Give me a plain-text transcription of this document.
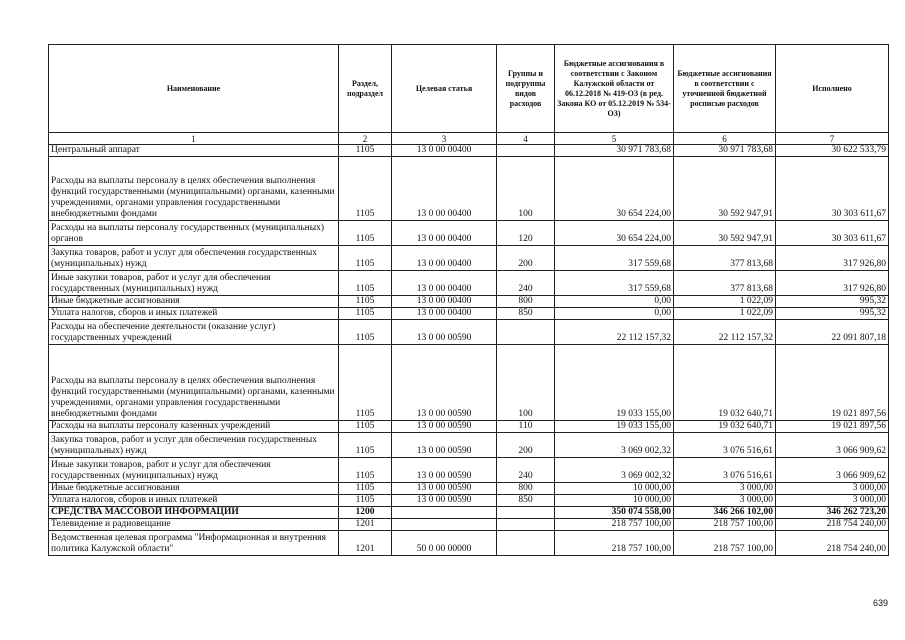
Наименование	Раздел, подраздел	Целевая статья	Группы и подгруппы видов расходов	Бюджетные ассигнования в соответствии с Законом Калужской области от 06.12.2018 № 419-ОЗ (в ред. Закона КО от 05.12.2019 № 534-ОЗ)	Бюджетные ассигнования в соответствии с уточненной бюджетной росписью расходов	Исполнено
1	2	3	4	5	6	7
Центральный аппарат	1105	13 0 00 00400		30 971 783,68	30 971 783,68	30 622 533,79
Расходы на выплаты персоналу в целях обеспечения выполнения функций государственными (муниципальными) органами, казенными учреждениями, органами управления государственными внебюджетными фондами	1105	13 0 00 00400	100	30 654 224,00	30 592 947,91	30 303 611,67
Расходы на выплаты персоналу государственных (муниципальных) органов	1105	13 0 00 00400	120	30 654 224,00	30 592 947,91	30 303 611,67
Закупка товаров, работ и услуг для обеспечения государственных (муниципальных) нужд	1105	13 0 00 00400	200	317 559,68	377 813,68	317 926,80
Иные закупки товаров, работ и услуг для обеспечения государственных (муниципальных) нужд	1105	13 0 00 00400	240	317 559,68	377 813,68	317 926,80
Иные бюджетные ассигнования	1105	13 0 00 00400	800	0,00	1 022,09	995,32
Уплата налогов, сборов и иных платежей	1105	13 0 00 00400	850	0,00	1 022,09	995,32
Расходы на обеспечение деятельности (оказание услуг) государственных учреждений	1105	13 0 00 00590		22 112 157,32	22 112 157,32	22 091 807,18
Расходы на выплаты персоналу в целях обеспечения выполнения функций государственными (муниципальными) органами, казенными учреждениями, органами управления государственными внебюджетными фондами	1105	13 0 00 00590	100	19 033 155,00	19 032 640,71	19 021 897,56
Расходы на выплаты персоналу казенных учреждений	1105	13 0 00 00590	110	19 033 155,00	19 032 640,71	19 021 897,56
Закупка товаров, работ и услуг для обеспечения государственных (муниципальных) нужд	1105	13 0 00 00590	200	3 069 002,32	3 076 516,61	3 066 909,62
Иные закупки товаров, работ и услуг для обеспечения государственных (муниципальных) нужд	1105	13 0 00 00590	240	3 069 002,32	3 076 516,61	3 066 909,62
Иные бюджетные ассигнования	1105	13 0 00 00590	800	10 000,00	3 000,00	3 000,00
Уплата налогов, сборов и иных платежей	1105	13 0 00 00590	850	10 000,00	3 000,00	3 000,00
СРЕДСТВА МАССОВОЙ ИНФОРМАЦИИ	1200			350 074 558,00	346 266 102,00	346 262 723,20
Телевидение и радиовещание	1201			218 757 100,00	218 757 100,00	218 754 240,00
Ведомственная целевая программа "Информационная и внутренняя политика Калужской области"	1201	50 0 00 00000		218 757 100,00	218 757 100,00	218 754 240,00
639
